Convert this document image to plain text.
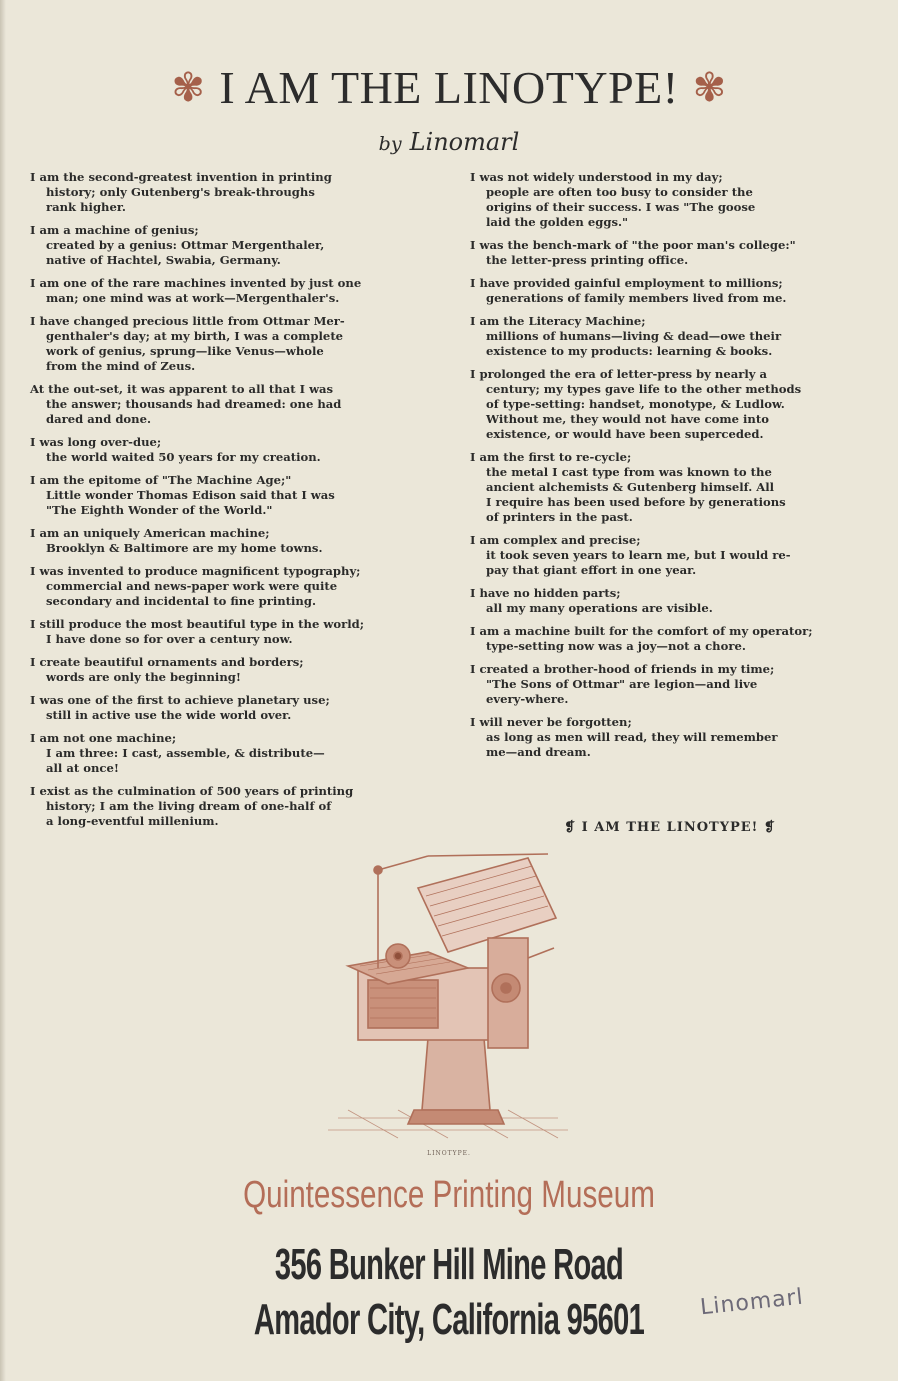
✾ I AM THE LINOTYPE! ✾
by Linomarl
I am the second-greatest invention in printing
history; only Gutenberg's break-throughs
rank higher.
I am a machine of genius;
created by a genius: Ottmar Mergenthaler,
native of Hachtel, Swabia, Germany.
I am one of the rare machines invented by just one
man; one mind was at work—Mergenthaler's.
I have changed precious little from Ottmar Mer-
genthaler's day; at my birth, I was a complete
work of genius, sprung—like Venus—whole
from the mind of Zeus.
At the out-set, it was apparent to all that I was
the answer; thousands had dreamed: one had
dared and done.
I was long over-due;
the world waited 50 years for my creation.
I am the epitome of "The Machine Age;"
Little wonder Thomas Edison said that I was
"The Eighth Wonder of the World."
I am an uniquely American machine;
Brooklyn & Baltimore are my home towns.
I was invented to produce magnificent typography;
commercial and news-paper work were quite
secondary and incidental to fine printing.
I still produce the most beautiful type in the world;
I have done so for over a century now.
I create beautiful ornaments and borders;
words are only the beginning!
I was one of the first to achieve planetary use;
still in active use the wide world over.
I am not one machine;
I am three: I cast, assemble, & distribute—
all at once!
I exist as the culmination of 500 years of printing
history; I am the living dream of one-half of
a long-eventful millenium.
I was not widely understood in my day;
people are often too busy to consider the
origins of their success. I was "The goose
laid the golden eggs."
I was the bench-mark of "the poor man's college:"
the letter-press printing office.
I have provided gainful employment to millions;
generations of family members lived from me.
I am the Literacy Machine;
millions of humans—living & dead—owe their
existence to my products: learning & books.
I prolonged the era of letter-press by nearly a
century; my types gave life to the other methods
of type-setting: handset, monotype, & Ludlow.
Without me, they would not have come into
existence, or would have been superceded.
I am the first to re-cycle;
the metal I cast type from was known to the
ancient alchemists & Gutenberg himself. All
I require has been used before by generations
of printers in the past.
I am complex and precise;
it took seven years to learn me, but I would re-
pay that giant effort in one year.
I have no hidden parts;
all my many operations are visible.
I am a machine built for the comfort of my operator;
type-setting now was a joy—not a chore.
I created a brother-hood of friends in my time;
"The Sons of Ottmar" are legion—and live
every-where.
I will never be forgotten;
as long as men will read, they will remember
me—and dream.
❡ I AM THE LINOTYPE! ❡
LINOTYPE.
Quintessence Printing Museum
356 Bunker Hill Mine Road
Amador City, California 95601	Linomarl
